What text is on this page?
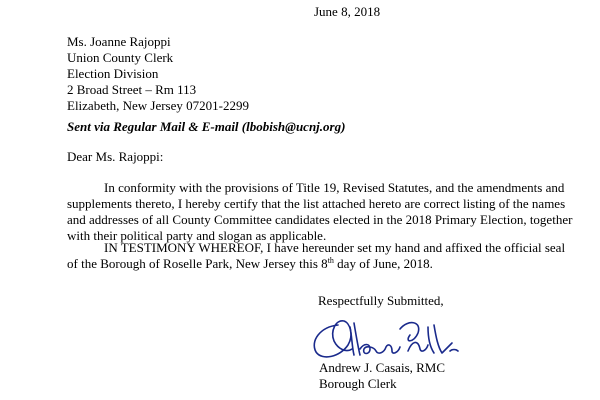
June 8, 2018
Ms. Joanne Rajoppi
Union County Clerk
Election Division
2 Broad Street – Rm 113
Elizabeth, New Jersey 07201-2299
Sent via Regular Mail & E-mail (lbobish@ucnj.org)
Dear Ms. Rajoppi:
In conformity with the provisions of Title 19, Revised Statutes, and the amendments and
supplements thereto, I hereby certify that the list attached hereto are correct listing of the names
and addresses of all County Committee candidates elected in the 2018 Primary Election, together
with their political party and slogan as applicable.
IN TESTIMONY WHEREOF, I have hereunder set my hand and affixed the official seal
of the Borough of Roselle Park, New Jersey this 8th day of June, 2018.
Respectfully Submitted,
Andrew J. Casais, RMC
Borough Clerk
